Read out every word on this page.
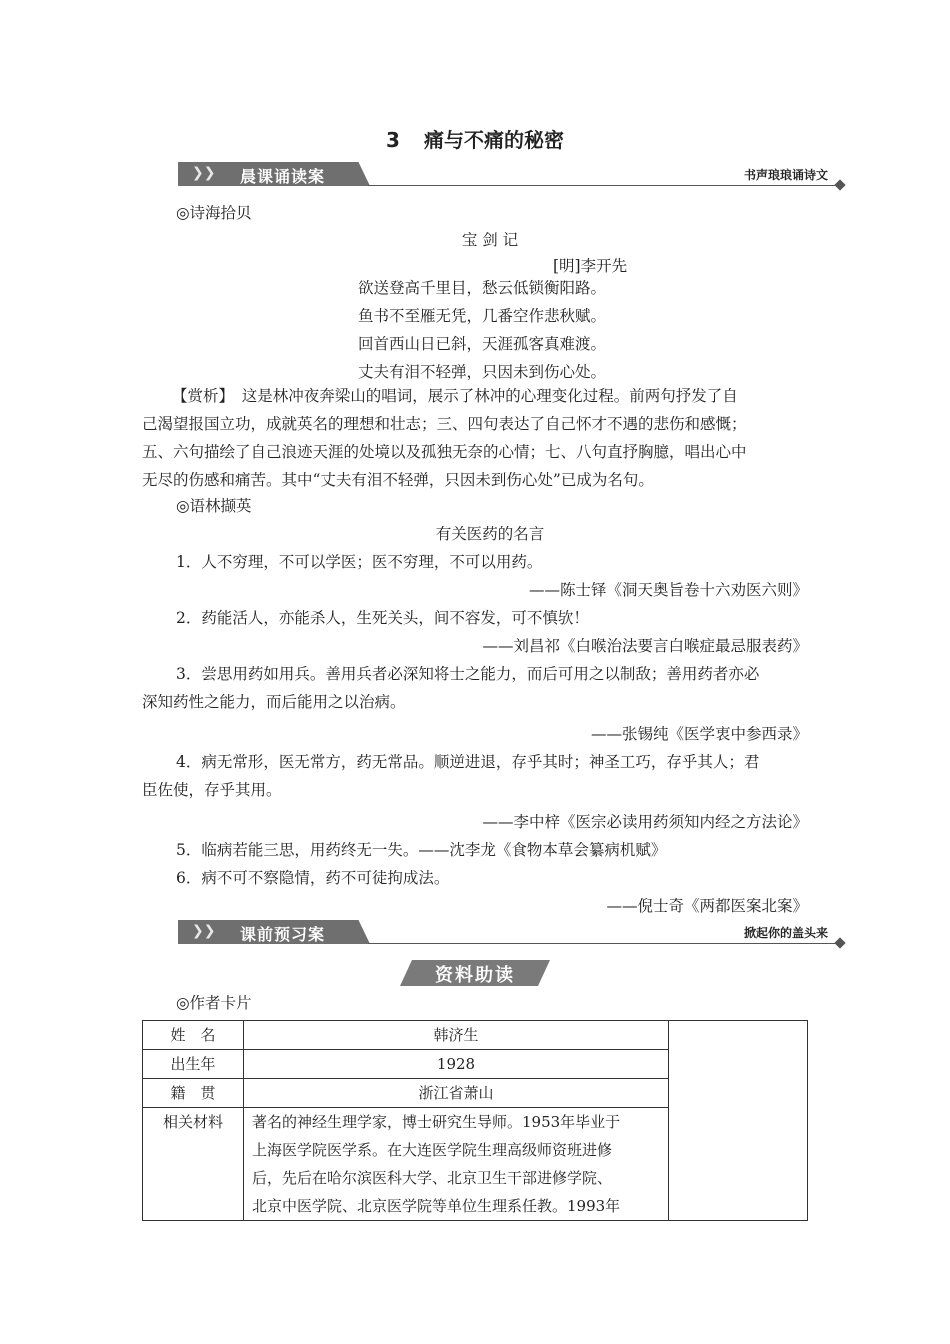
3 痛与不痛的秘密
❯❯ 晨课诵读案	书声琅琅诵诗文
◎诗海拾贝
宝 剑 记
[明]李开先
欲送登高千里目，愁云低锁衡阳路。
鱼书不至雁无凭，几番空作悲秋赋。
回首西山日已斜，天涯孤客真难渡。
丈夫有泪不轻弹，只因未到伤心处。
【赏析】　这是林冲夜奔梁山的唱词，展示了林冲的心理变化过程。前两句抒发了自
己渴望报国立功，成就英名的理想和壮志；三、四句表达了自己怀才不遇的悲伤和感慨；
五、六句描绘了自己浪迹天涯的处境以及孤独无奈的心情；七、八句直抒胸臆，唱出心中
无尽的伤感和痛苦。其中“丈夫有泪不轻弹，只因未到伤心处”已成为名句。
◎语林撷英
有关医药的名言
1．人不穷理，不可以学医；医不穷理，不可以用药。
——陈士铎《洞天奥旨卷十六劝医六则》
2．药能活人，亦能杀人，生死关头，间不容发，可不慎欤！
——刘昌祁《白喉治法要言白喉症最忌服表药》
3．尝思用药如用兵。善用兵者必深知将士之能力，而后可用之以制敌；善用药者亦必
深知药性之能力，而后能用之以治病。
——张锡纯《医学衷中参西录》
4．病无常形，医无常方，药无常品。顺逆进退，存乎其时；神圣工巧，存乎其人；君
臣佐使，存乎其用。
——李中梓《医宗必读用药须知内经之方法论》
5．临病若能三思，用药终无一失。——沈李龙《食物本草会纂病机赋》
6．病不可不察隐情，药不可徒拘成法。
——倪士奇《两都医案北案》
❯❯ 课前预习案	掀起你的盖头来
资料助读
◎作者卡片
姓　名	韩济生	
出生年	1928	
籍　贯	浙江省萧山	
相关材料	著名的神经生理学家，博士研究生导师。1953年毕业于
上海医学院医学系。在大连医学院生理高级师资班进修
后，先后在哈尔滨医科大学、北京卫生干部进修学院、
北京中医学院、北京医学院等单位生理系任教。1993年	
